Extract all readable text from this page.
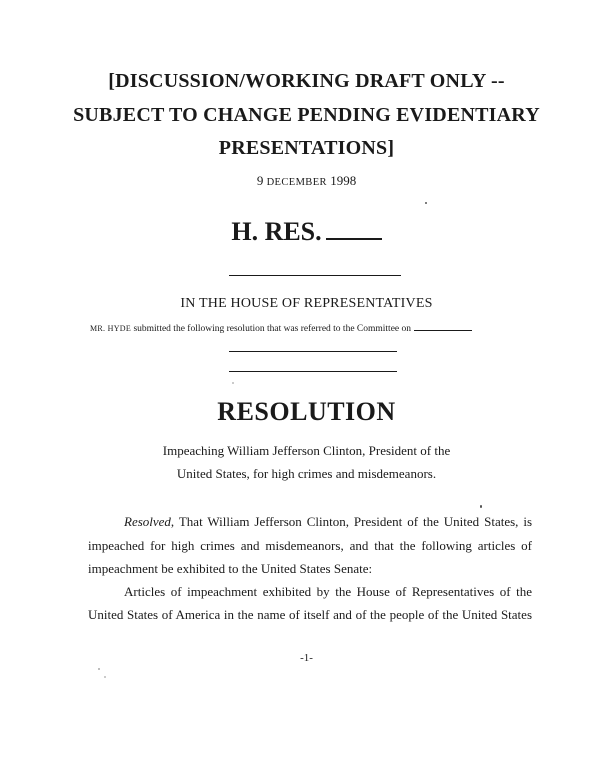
[DISCUSSION/WORKING DRAFT ONLY --
SUBJECT TO CHANGE PENDING EVIDENTIARY
PRESENTATIONS]
9 DECEMBER 1998
H. RES.
IN THE HOUSE OF REPRESENTATIVES
MR. HYDE submitted the following resolution that was referred to the Committee on
RESOLUTION
Impeaching William Jefferson Clinton, President of the
United States, for high crimes and misdemeanors.
Resolved, That William Jefferson Clinton, President of the United States, is
impeached for high crimes and misdemeanors, and that the following articles of
impeachment be exhibited to the United States Senate:
Articles of impeachment exhibited by the House of Representatives of the
United States of America in the name of itself and of the people of the United States
-1-
